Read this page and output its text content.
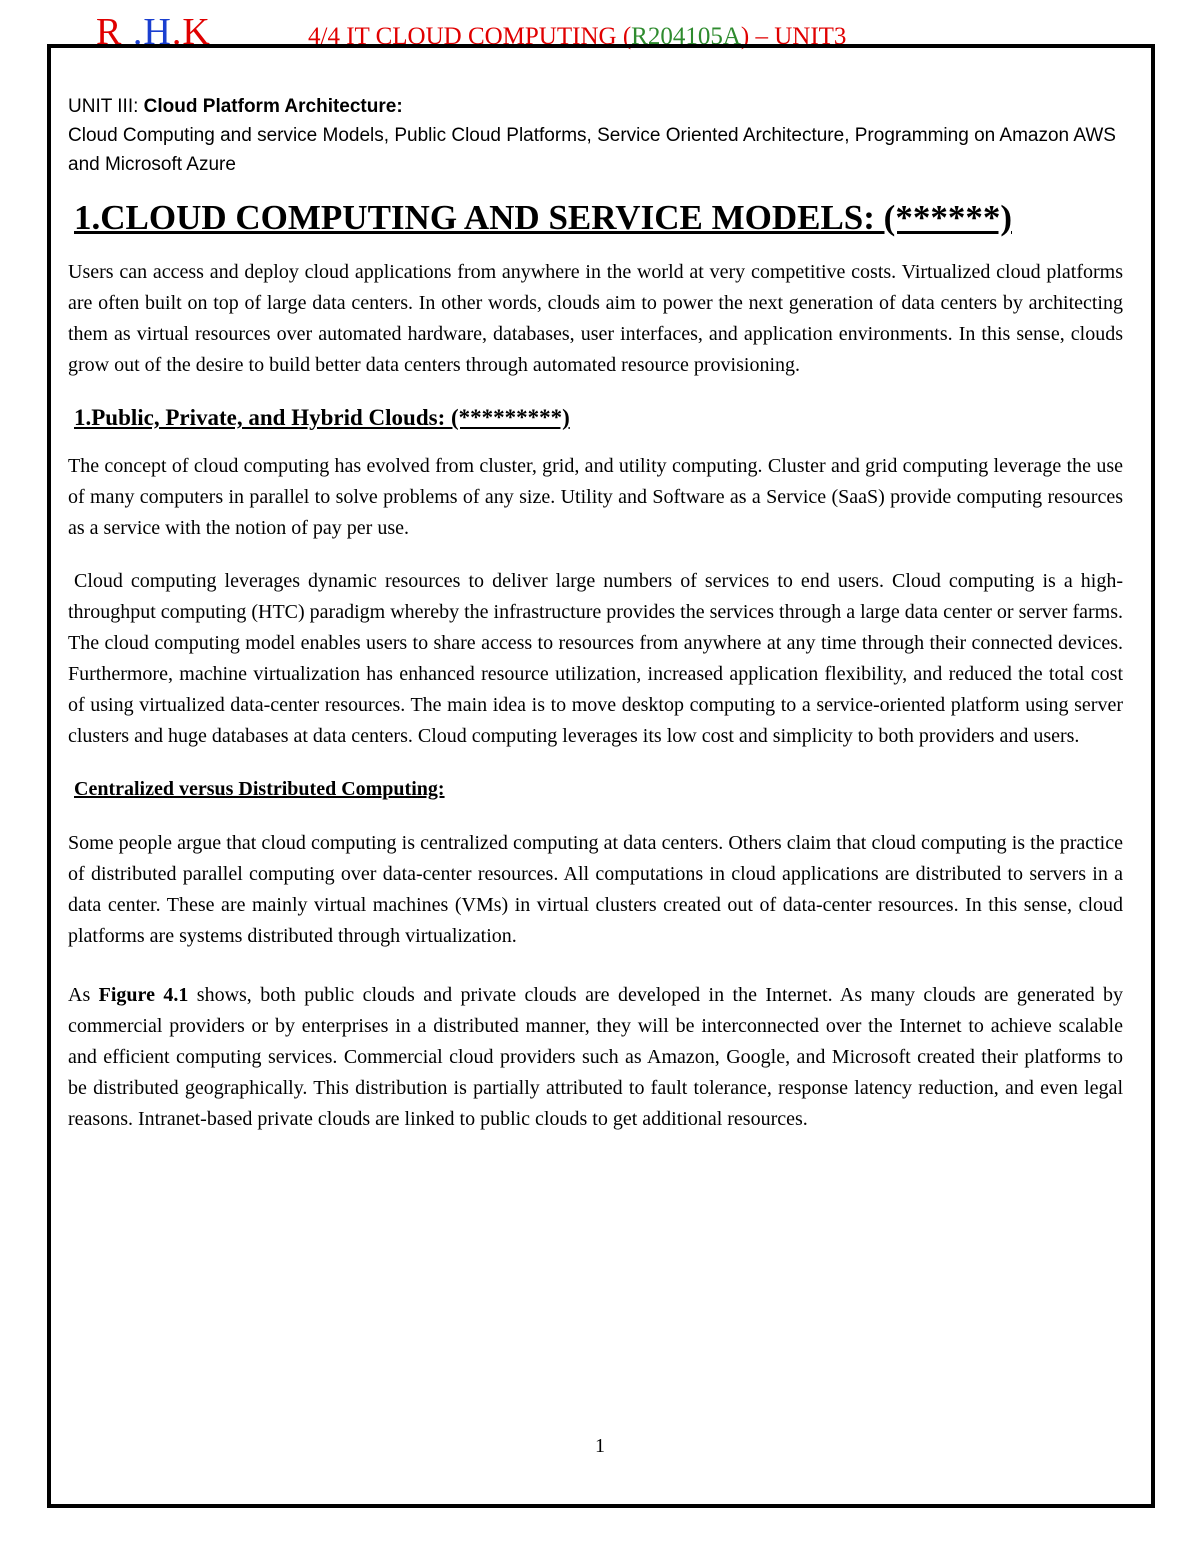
R .H.K	4/4 IT CLOUD COMPUTING (R204105A) – UNIT3

UNIT III: Cloud Platform Architecture:
Cloud Computing and service Models, Public Cloud Platforms, Service Oriented Architecture, Programming on Amazon AWS and Microsoft Azure

1.CLOUD COMPUTING AND SERVICE MODELS: (******)

Users can access and deploy cloud applications from anywhere in the world at very competitive costs. Virtualized cloud platforms are often built on top of large data centers. In other words, clouds aim to power the next generation of data centers by architecting them as virtual resources over automated hardware, databases, user interfaces, and application environments. In this sense, clouds grow out of the desire to build better data centers through automated resource provisioning.

1.Public, Private, and Hybrid Clouds: (*********)

The concept of cloud computing has evolved from cluster, grid, and utility computing. Cluster and grid computing leverage the use of many computers in parallel to solve problems of any size. Utility and Software as a Service (SaaS) provide computing resources as a service with the notion of pay per use.

Cloud computing leverages dynamic resources to deliver large numbers of services to end users. Cloud computing is a high-throughput computing (HTC) paradigm whereby the infrastructure provides the services through a large data center or server farms. The cloud computing model enables users to share access to resources from anywhere at any time through their connected devices. Furthermore, machine virtualization has enhanced resource utilization, increased application flexibility, and reduced the total cost of using virtualized data-center resources. The main idea is to move desktop computing to a service-oriented platform using server clusters and huge databases at data centers. Cloud computing leverages its low cost and simplicity to both providers and users.

Centralized versus Distributed Computing:

Some people argue that cloud computing is centralized computing at data centers. Others claim that cloud computing is the practice of distributed parallel computing over data-center resources. All computations in cloud applications are distributed to servers in a data center. These are mainly virtual machines (VMs) in virtual clusters created out of data-center resources. In this sense, cloud platforms are systems distributed through virtualization.

As Figure 4.1 shows, both public clouds and private clouds are developed in the Internet. As many clouds are generated by commercial providers or by enterprises in a distributed manner, they will be interconnected over the Internet to achieve scalable and efficient computing services. Commercial cloud providers such as Amazon, Google, and Microsoft created their platforms to be distributed geographically. This distribution is partially attributed to fault tolerance, response latency reduction, and even legal reasons. Intranet-based private clouds are linked to public clouds to get additional resources.

1
